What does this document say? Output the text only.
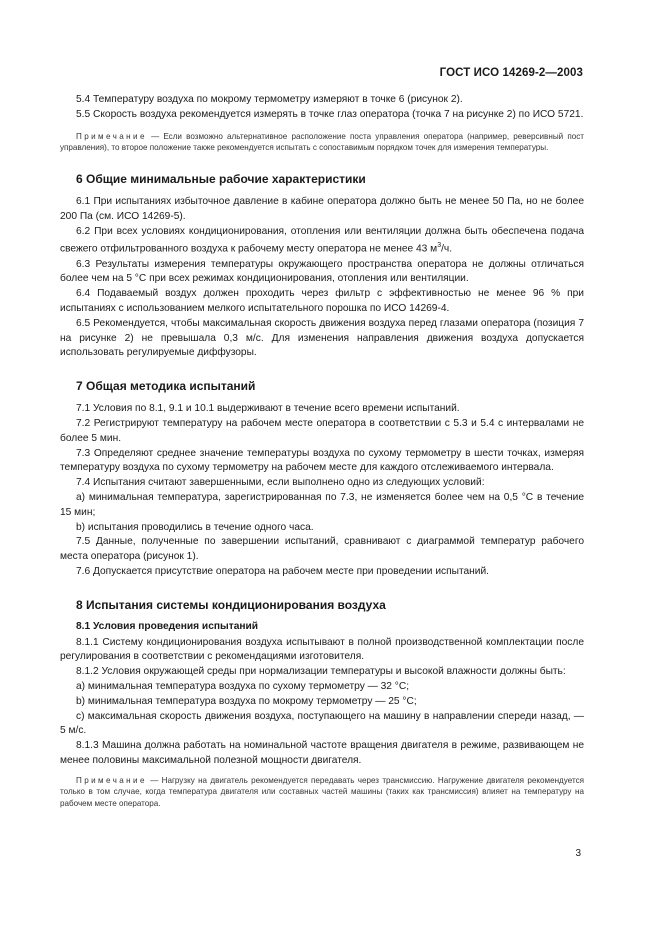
ГОСТ ИСО 14269-2—2003

5.4 Температуру воздуха по мокрому термометру измеряют в точке 6 (рисунок 2).

5.5 Скорость воздуха рекомендуется измерять в точке глаз оператора (точка 7 на рисунке 2) по ИСО 5721.

Примечание — Если возможно альтернативное расположение поста управления оператора (например, реверсивный пост управления), то второе положение также рекомендуется испытать с сопоставимым порядком точек для измерения температуры.

6 Общие минимальные рабочие характеристики

6.1 При испытаниях избыточное давление в кабине оператора должно быть не менее 50 Па, но не более 200 Па (см. ИСО 14269-5).

6.2 При всех условиях кондиционирования, отопления или вентиляции должна быть обеспечена подача свежего отфильтрованного воздуха к рабочему месту оператора не менее 43 $м^3/ч$.

6.3 Результаты измерения температуры окружающего пространства оператора не должны отличаться более чем на 5 °С при всех режимах кондиционирования, отопления или вентиляции.

6.4 Подаваемый воздух должен проходить через фильтр с эффективностью не менее 96 % при испытаниях с использованием мелкого испытательного порошка по ИСО 14269-4.

6.5 Рекомендуется, чтобы максимальная скорость движения воздуха перед глазами оператора (позиция 7 на рисунке 2) не превышала 0,3 м/с. Для изменения направления движения воздуха допускается использовать регулируемые диффузоры.

7 Общая методика испытаний

7.1 Условия по 8.1, 9.1 и 10.1 выдерживают в течение всего времени испытаний.

7.2 Регистрируют температуру на рабочем месте оператора в соответствии с 5.3 и 5.4 с интервалами не более 5 мин.

7.3 Определяют среднее значение температуры воздуха по сухому термометру в шести точках, измеряя температуру воздуха по сухому термометру на рабочем месте для каждого отслеживаемого интервала.

7.4 Испытания считают завершенными, если выполнено одно из следующих условий:

a) минимальная температура, зарегистрированная по 7.3, не изменяется более чем на 0,5 °С в течение 15 мин;

b) испытания проводились в течение одного часа.

7.5 Данные, полученные по завершении испытаний, сравнивают с диаграммой температур рабочего места оператора (рисунок 1).

7.6 Допускается присутствие оператора на рабочем месте при проведении испытаний.

8 Испытания системы кондиционирования воздуха
8.1 Условия проведения испытаний

8.1.1 Систему кондиционирования воздуха испытывают в полной производственной комплектации после регулирования в соответствии с рекомендациями изготовителя.

8.1.2 Условия окружающей среды при нормализации температуры и высокой влажности должны быть:

a) минимальная температура воздуха по сухому термометру — 32 °С;

b) минимальная температура воздуха по мокрому термометру — 25 °С;

c) максимальная скорость движения воздуха, поступающего на машину в направлении спереди назад, — 5 м/с.

8.1.3 Машина должна работать на номинальной частоте вращения двигателя в режиме, развивающем не менее половины максимальной полезной мощности двигателя.

Примечание — Нагрузку на двигатель рекомендуется передавать через трансмиссию. Нагружение двигателя рекомендуется только в том случае, когда температура двигателя или составных частей машины (таких как трансмиссия) влияет на температуру на рабочем месте оператора.

3
